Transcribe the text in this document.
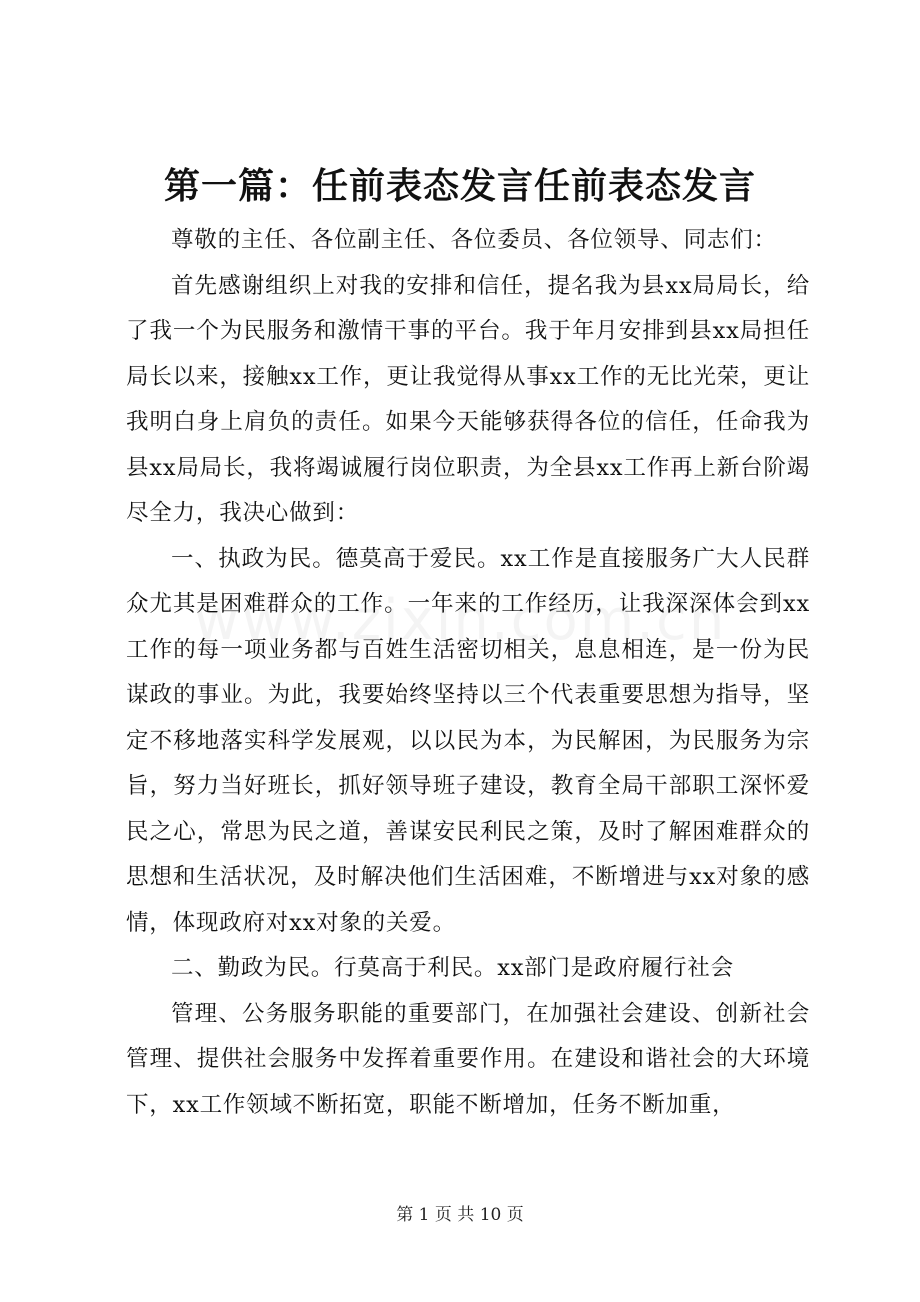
第一篇：任前表态发言任前表态发言

尊敬的主任、各位副主任、各位委员、各位领导、同志们：

首先感谢组织上对我的安排和信任，提名我为县xx局局长，给了我一个为民服务和激情干事的平台。我于年月安排到县xx局担任局长以来，接触xx工作，更让我觉得从事xx工作的无比光荣，更让我明白身上肩负的责任。如果今天能够获得各位的信任，任命我为县xx局局长，我将竭诚履行岗位职责，为全县xx工作再上新台阶竭尽全力，我决心做到：

一、执政为民。德莫高于爱民。xx工作是直接服务广大人民群众尤其是困难群众的工作。一年来的工作经历，让我深深体会到xx工作的每一项业务都与百姓生活密切相关，息息相连，是一份为民谋政的事业。为此，我要始终坚持以三个代表重要思想为指导，坚定不移地落实科学发展观，以以民为本，为民解困，为民服务为宗旨，努力当好班长，抓好领导班子建设，教育全局干部职工深怀爱民之心，常思为民之道，善谋安民利民之策，及时了解困难群众的思想和生活状况，及时解决他们生活困难，不断增进与xx对象的感情，体现政府对xx对象的关爱。

二、勤政为民。行莫高于利民。xx部门是政府履行社会

管理、公务服务职能的重要部门，在加强社会建设、创新社会管理、提供社会服务中发挥着重要作用。在建设和谐社会的大环境下，xx工作领域不断拓宽，职能不断增加，任务不断加重，

第 1 页 共 10 页
